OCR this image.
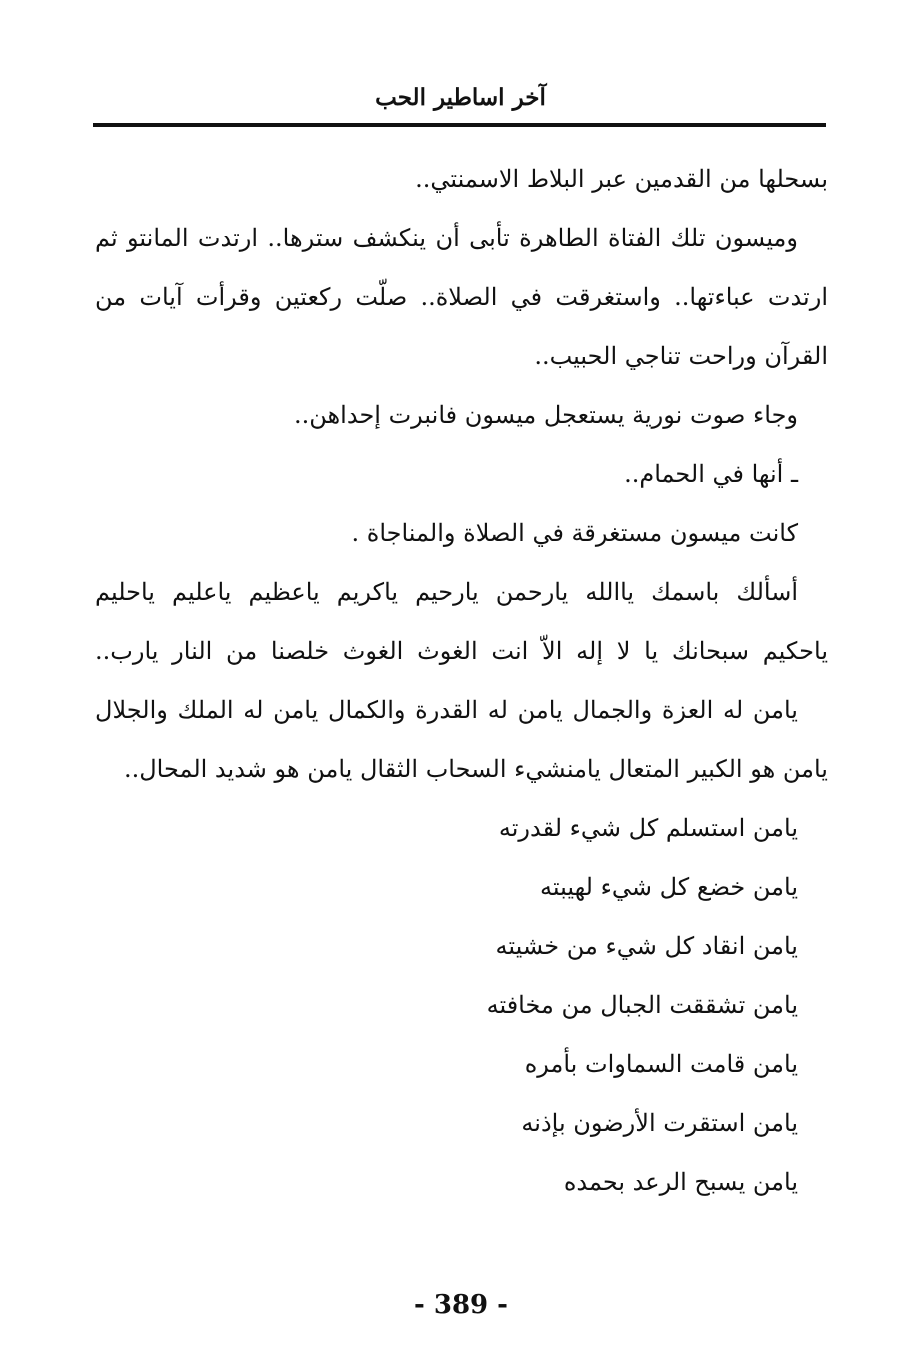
آخر اساطير الحب
بسحلها من القدمين عبر البلاط الاسمنتي..
وميسون تلك الفتاة الطاهرة تأبى أن ينكشف سترها.. ارتدت المانتو ثم
ارتدت عباءتها.. واستغرقت في الصلاة.. صلّت ركعتين وقرأت آيات من
القرآن وراحت تناجي الحبيب..
وجاء صوت نورية يستعجل ميسون فانبرت إحداهن..
ـ أنها في الحمام..
كانت ميسون مستغرقة في الصلاة والمناجاة .
أسألك باسمك ياالله يارحمن يارحيم ياكريم ياعظيم ياعليم ياحليم
ياحكيم سبحانك يا لا إله الاّ انت الغوث الغوث خلصنا من النار يارب..
يامن له العزة والجمال يامن له القدرة والكمال يامن له الملك والجلال
يامن هو الكبير المتعال يامنشيء السحاب الثقال يامن هو شديد المحال..
يامن استسلم كل شيء لقدرته
يامن خضع كل شيء لهيبته
يامن انقاد كل شيء من خشيته
يامن تشققت الجبال من مخافته
يامن قامت السماوات بأمره
يامن استقرت الأرضون بإذنه
يامن يسبح الرعد بحمده
- 389 -
